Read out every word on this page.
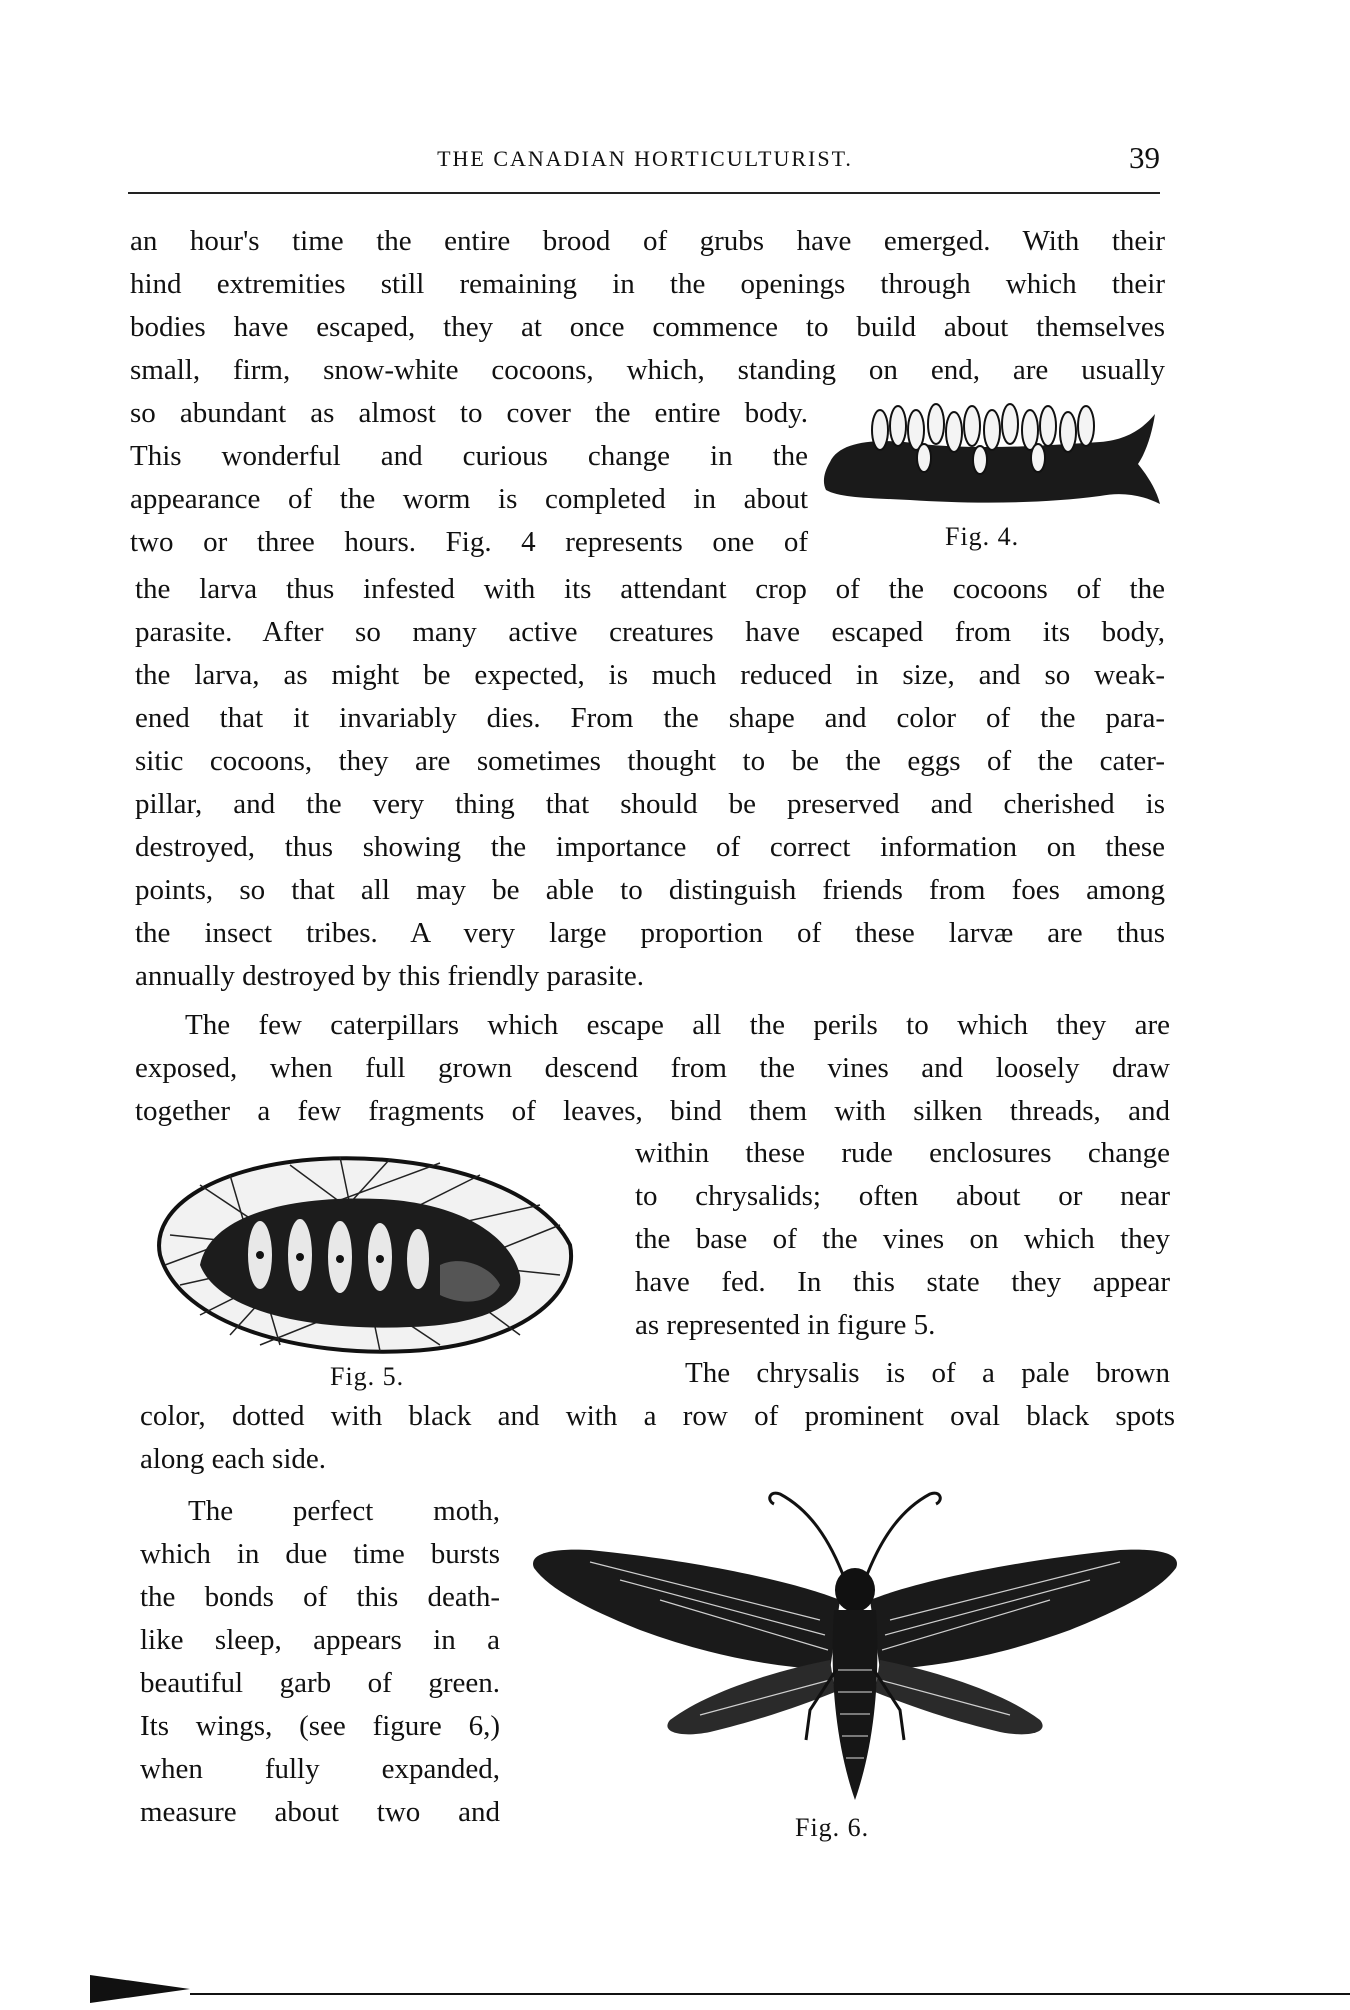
THE CANADIAN HORTICULTURIST.	39
an hour's time the entire brood of grubs have emerged. With their
hind extremities still remaining in the openings through which their
bodies have escaped, they at once commence to build about themselves
small, firm, snow-white cocoons, which, standing on end, are usually
so abundant as almost to cover the entire body.
This wonderful and curious change in the
appearance of the worm is completed in about
two or three hours. Fig. 4 represents one of	Fig. 4.
the larva thus infested with its attendant crop of the cocoons of the
parasite. After so many active creatures have escaped from its body,
the larva, as might be expected, is much reduced in size, and so weak-
ened that it invariably dies. From the shape and color of the para-
sitic cocoons, they are sometimes thought to be the eggs of the cater-
pillar, and the very thing that should be preserved and cherished is
destroyed, thus showing the importance of correct information on these
points, so that all may be able to distinguish friends from foes among
the insect tribes. A very large proportion of these larvæ are thus
annually destroyed by this friendly parasite.
The few caterpillars which escape all the perils to which they are
exposed, when full grown descend from the vines and loosely draw
together a few fragments of leaves, bind them with silken threads, and
within these rude enclosures change
to chrysalids; often about or near
the base of the vines on which they
have fed. In this state they appear
as represented in figure 5.
Fig. 5.	The chrysalis is of a pale brown
color, dotted with black and with a row of prominent oval black spots
along each side.
The perfect moth,
which in due time bursts
the bonds of this death-
like sleep, appears in a
beautiful garb of green.
Its wings, (see figure 6,)
when fully expanded,
measure about two and	Fig. 6.
